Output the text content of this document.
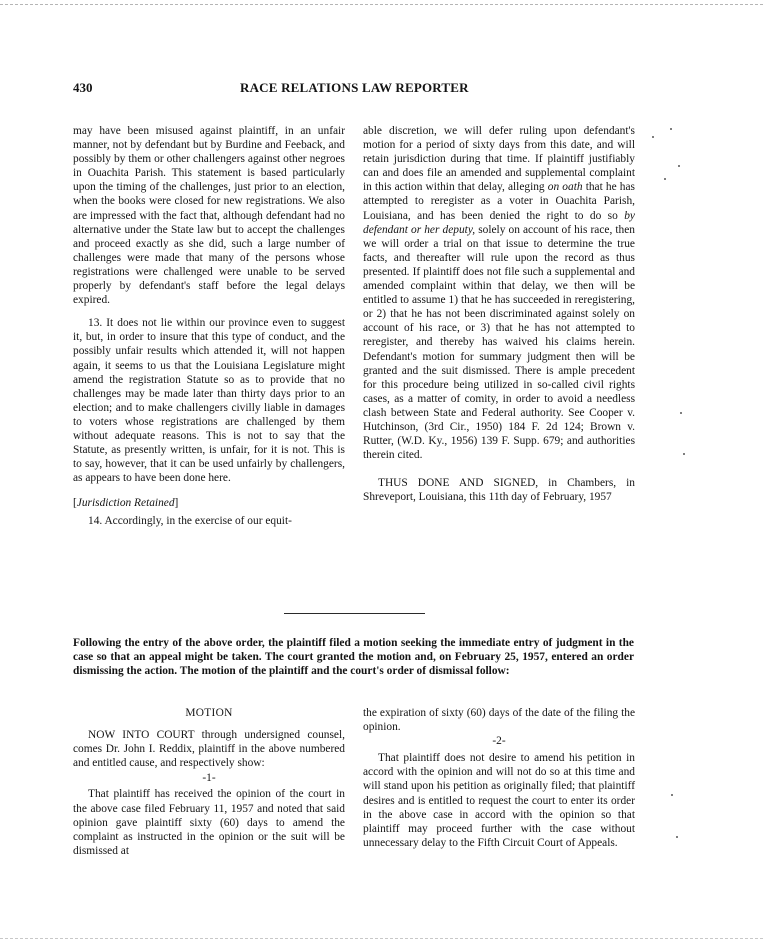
430	RACE RELATIONS LAW REPORTER

may have been misused against plaintiff, in an unfair manner, not by defendant but by Burdine and Feeback, and possibly by them or other challengers against other negroes in Ouachita Parish. This statement is based particularly upon the timing of the challenges, just prior to an election, when the books were closed for new registrations. We also are impressed with the fact that, although defendant had no alternative under the State law but to accept the challenges and proceed exactly as she did, such a large number of challenges were made that many of the persons whose registrations were challenged were unable to be served properly by defendant's staff before the legal delays expired.

13. It does not lie within our province even to suggest it, but, in order to insure that this type of conduct, and the possibly unfair results which attended it, will not happen again, it seems to us that the Louisiana Legislature might amend the registration Statute so as to provide that no challenges may be made later than thirty days prior to an election; and to make challengers civilly liable in damages to voters whose registrations are challenged by them without adequate reasons. This is not to say that the Statute, as presently written, is unfair, for it is not. This is to say, however, that it can be used unfairly by challengers, as appears to have been done here.

[Jurisdiction Retained]

14. Accordingly, in the exercise of our equit-

able discretion, we will defer ruling upon defendant's motion for a period of sixty days from this date, and will retain jurisdiction during that time. If plaintiff justifiably can and does file an amended and supplemental complaint in this action within that delay, alleging on oath that he has attempted to reregister as a voter in Ouachita Parish, Louisiana, and has been denied the right to do so by defendant or her deputy, solely on account of his race, then we will order a trial on that issue to determine the true facts, and thereafter will rule upon the record as thus presented. If plaintiff does not file such a supplemental and amended complaint within that delay, we then will be entitled to assume 1) that he has succeeded in reregistering, or 2) that he has not been discriminated against solely on account of his race, or 3) that he has not attempted to reregister, and thereby has waived his claims herein. Defendant's motion for summary judgment then will be granted and the suit dismissed. There is ample precedent for this procedure being utilized in so-called civil rights cases, as a matter of comity, in order to avoid a needless clash between State and Federal authority. See Cooper v. Hutchinson, (3rd Cir., 1950) 184 F. 2d 124; Brown v. Rutter, (W.D. Ky., 1956) 139 F. Supp. 679; and authorities therein cited.

THUS DONE AND SIGNED, in Chambers, in Shreveport, Louisiana, this 11th day of February, 1957

Following the entry of the above order, the plaintiff filed a motion seeking the immediate entry of judgment in the case so that an appeal might be taken. The court granted the motion and, on February 25, 1957, entered an order dismissing the action. The motion of the plaintiff and the court's order of dismissal follow:

MOTION

NOW INTO COURT through undersigned counsel, comes Dr. John I. Reddix, plaintiff in the above numbered and entitled cause, and respectively show:

-1-

That plaintiff has received the opinion of the court in the above case filed February 11, 1957 and noted that said opinion gave plaintiff sixty (60) days to amend the complaint as instructed in the opinion or the suit will be dismissed at

the expiration of sixty (60) days of the date of the filing the opinion.

-2-

That plaintiff does not desire to amend his petition in accord with the opinion and will not do so at this time and will stand upon his petition as originally filed; that plaintiff desires and is entitled to request the court to enter its order in the above case in accord with the opinion so that plaintiff may proceed further with the case without unnecessary delay to the Fifth Circuit Court of Appeals.
